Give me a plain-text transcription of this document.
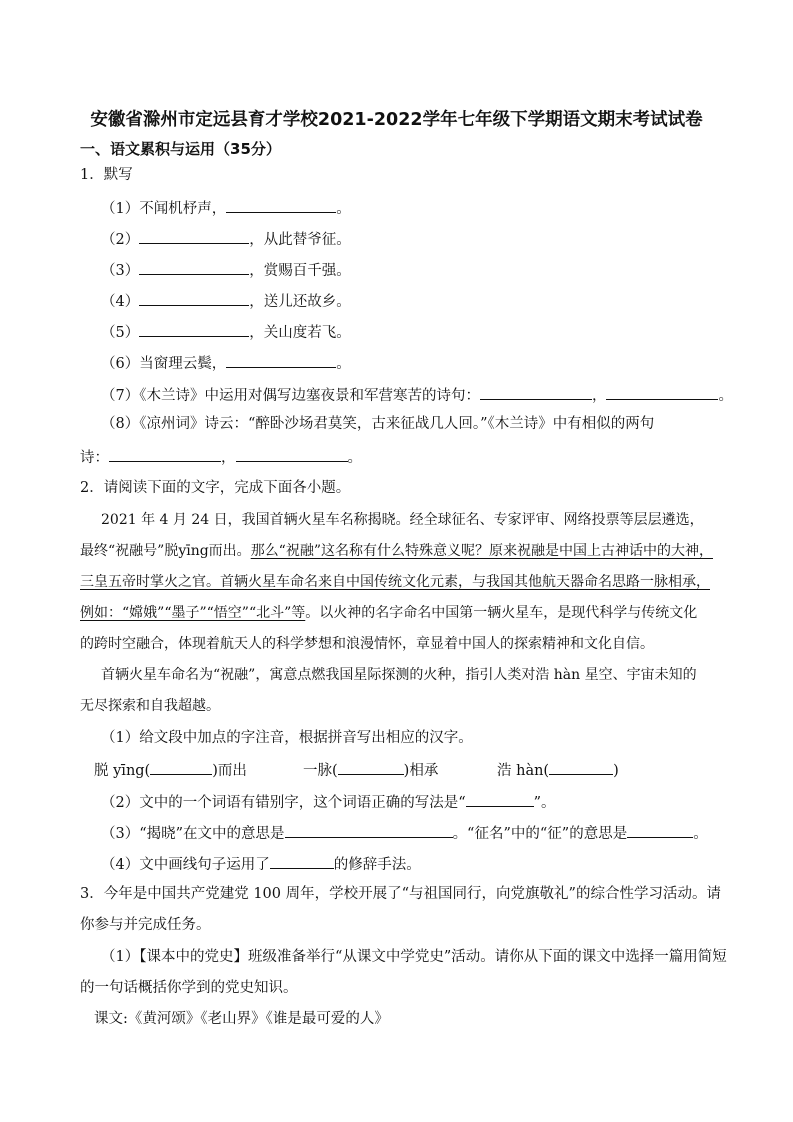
安徽省滁州市定远县育才学校2021-2022学年七年级下学期语文期末考试试卷
一、语文累积与运用（35分）
1．默写
（1）不闻机杼声，	。
（2）	，从此替爷征。
（3）	，赏赐百千强。
（4）	，送儿还故乡。
（5）	，关山度若飞。
（6）当窗理云鬓，	。
（7）《木兰诗》中运用对偶写边塞夜景和军营寒苦的诗句：	，	。
（8）《凉州词》诗云：“醉卧沙场君莫笑，古来征战几人回。”《木兰诗》中有相似的两句
诗：	，	。
2．请阅读下面的文字，完成下面各小题。
2021 年 4 月 24 日，我国首辆火星车名称揭晓。经全球征名、专家评审、网络投票等层层遴选，
最终“祝融号”脱yīng而出。那么“祝融”这名称有什么特殊意义呢？原来祝融是中国上古神话中的大神，
三皇五帝时掌火之官。首辆火星车命名来自中国传统文化元素，与我国其他航天器命名思路一脉相承，
例如：“嫦娥”“墨子”“悟空”“北斗”等。以火神的名字命名中国第一辆火星车，是现代科学与传统文化
的跨时空融合，体现着航天人的科学梦想和浪漫情怀，章显着中国人的探索精神和文化自信。
首辆火星车命名为“祝融”，寓意点燃我国星际探测的火种，指引人类对浩 hàn 星空、宇宙未知的
无尽探索和自我超越。
（1）给文段中加点的字注音，根据拼音写出相应的汉字。
脱 yīng(	)而出	一脉(	)相承	浩 hàn(	)
（2）文中的一个词语有错别字，这个词语正确的写法是“	”。
（3）“揭晓”在文中的意思是	。“征名”中的“征”的意思是	。
（4）文中画线句子运用了	的修辞手法。
3．今年是中国共产党建党 100 周年，学校开展了“与祖国同行，向党旗敬礼”的综合性学习活动。请
你参与并完成任务。
（1）【课本中的党史】班级准备举行“从课文中学党史”活动。请你从下面的课文中选择一篇用简短
的一句话概括你学到的党史知识。
课文:《黄河颂》《老山界》《谁是最可爱的人》
